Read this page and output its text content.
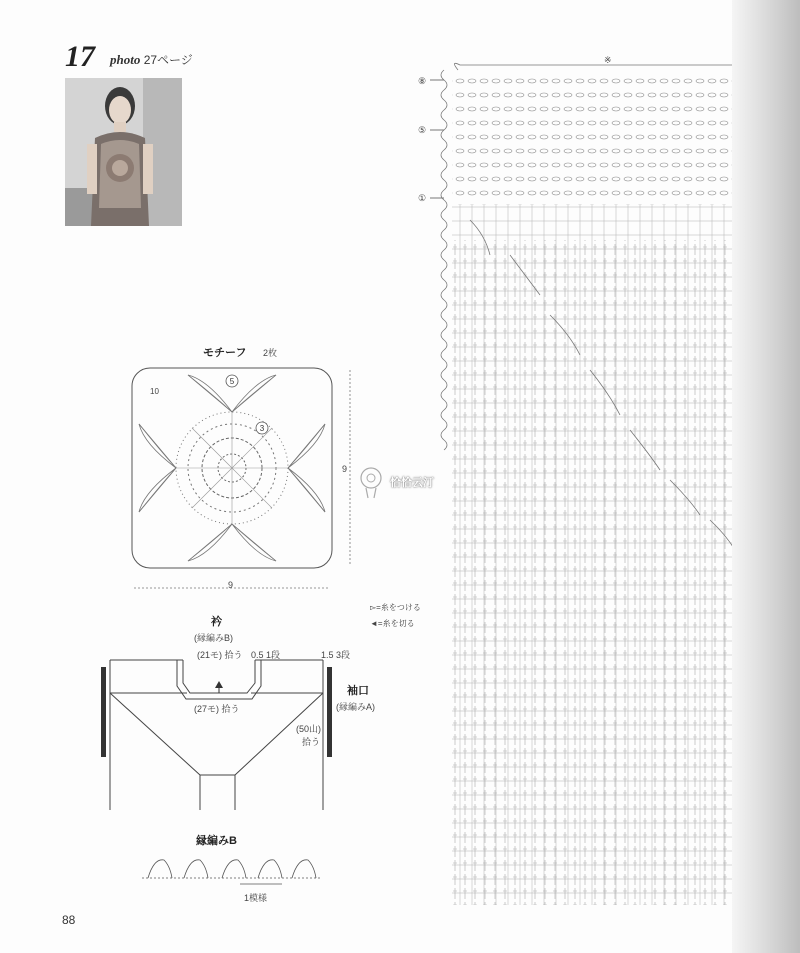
17 photo 27ページ
モチーフ 2枚
5
3
10
9
9
衿
(縁編みB)
(21モ) 拾う 0.5 1段	1.5 3段
(27モ) 拾う
袖口
(縁編みA)
(50山)
拾う
▻=糸をつける
◄=糸を切る
縁編みB
1模様
※
⑧
⑤
①
恰恰云汀
88
